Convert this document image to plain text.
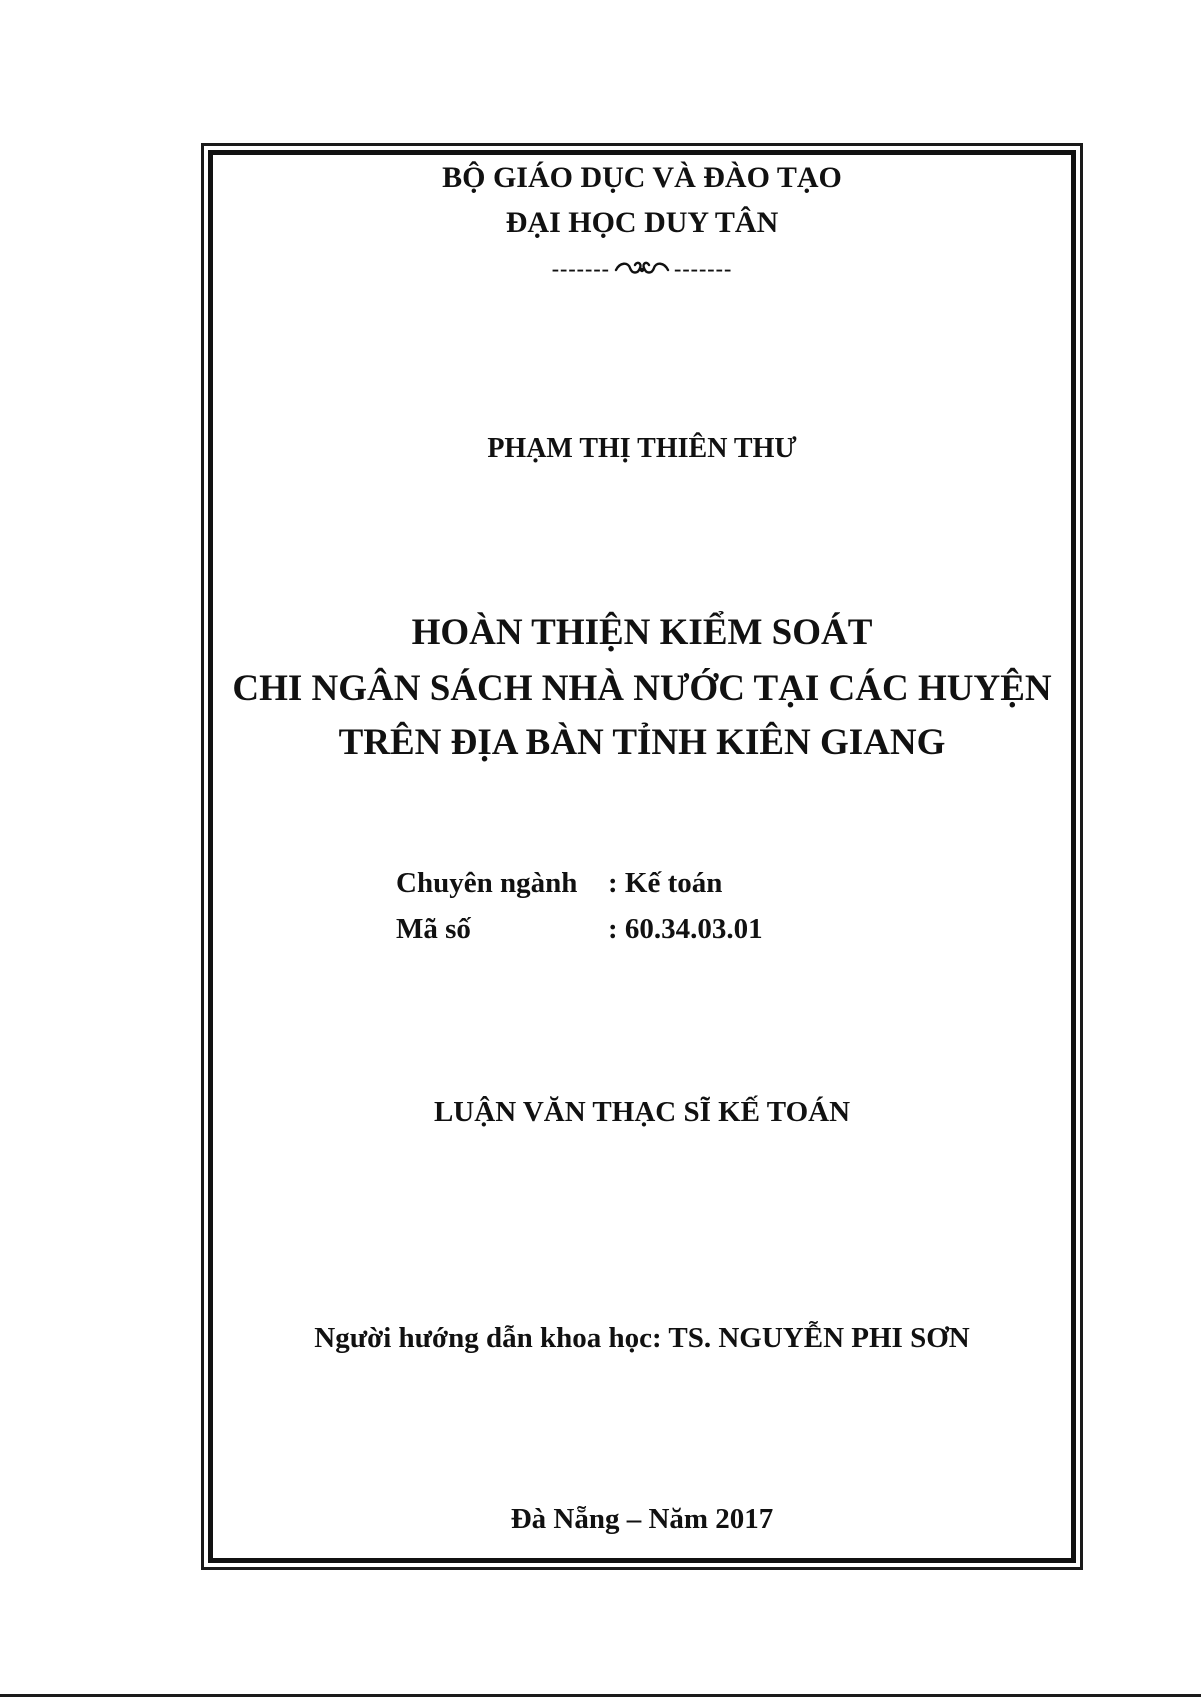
BỘ GIÁO DỤC VÀ ĐÀO TẠO
ĐẠI HỌC DUY TÂN
-------	-------
PHẠM THỊ THIÊN THƯ
HOÀN THIỆN KIỂM SOÁT
CHI NGÂN SÁCH NHÀ NƯỚC TẠI CÁC HUYỆN
TRÊN ĐỊA BÀN TỈNH KIÊN GIANG
Chuyên ngành : Kế toán
Mã số	: 60.34.03.01
LUẬN VĂN THẠC SĨ KẾ TOÁN
Người hướng dẫn khoa học: TS. NGUYỄN PHI SƠN
Đà Nẵng – Năm 2017
